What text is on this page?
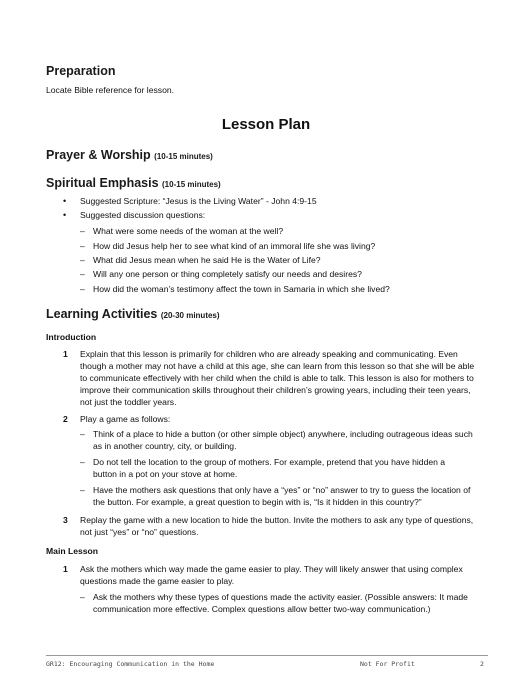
Preparation
Locate Bible reference for lesson.
Lesson Plan
Prayer & Worship (10-15 minutes)
Spiritual Emphasis (10-15 minutes)
• Suggested Scripture: “Jesus is the Living Water” - John 4:9-15
• Suggested discussion questions:
– What were some needs of the woman at the well?
– How did Jesus help her to see what kind of an immoral life she was living?
– What did Jesus mean when he said He is the Water of Life?
– Will any one person or thing completely satisfy our needs and desires?
– How did the woman’s testimony affect the town in Samaria in which she lived?
Learning Activities (20-30 minutes)
Introduction
1 Explain that this lesson is primarily for children who are already speaking and communicating. Even
though a mother may not have a child at this age, she can learn from this lesson so that she will be able
to communicate effectively with her child when the child is able to talk. This lesson is also for mothers to
improve their communication skills throughout their children’s growing years, including their teen years,
not just the toddler years.
2 Play a game as follows:
– Think of a place to hide a button (or other simple object) anywhere, including outrageous ideas such
as in another country, city, or building.
– Do not tell the location to the group of mothers. For example, pretend that you have hidden a
button in a pot on your stove at home.
– Have the mothers ask questions that only have a “yes” or “no” answer to try to guess the location of
the button. For example, a great question to begin with is, “Is it hidden in this country?”
3 Replay the game with a new location to hide the button. Invite the mothers to ask any type of questions,
not just “yes” or “no” questions.
Main Lesson
1 Ask the mothers which way made the game easier to play. They will likely answer that using complex
questions made the game easier to play.
– Ask the mothers why these types of questions made the activity easier. (Possible answers: It made
communication more effective. Complex questions allow better two-way communication.)
GR12: Encouraging Communication in the Home	Not For Profit	2
